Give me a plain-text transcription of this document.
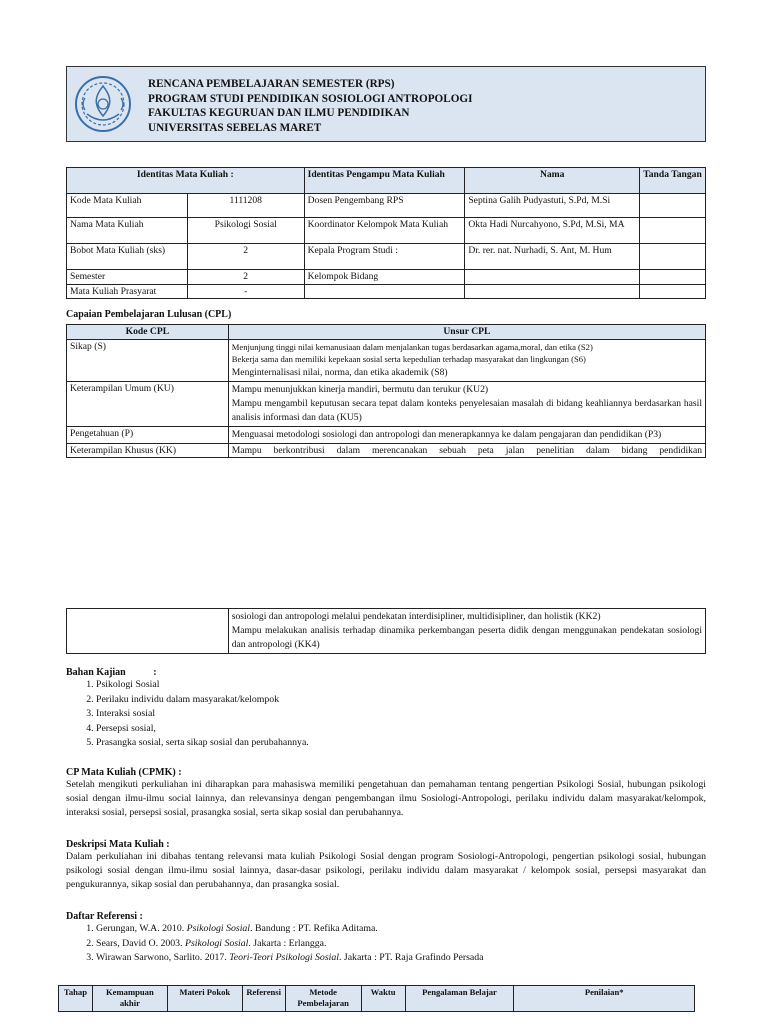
RENCANA PEMBELAJARAN SEMESTER (RPS)
PROGRAM STUDI PENDIDIKAN SOSIOLOGI ANTROPOLOGI
FAKULTAS KEGURUAN DAN ILMU PENDIDIKAN
UNIVERSITAS SEBELAS MARET
Identitas Mata Kuliah :		Identitas Pengampu Mata Kuliah	Nama	Tanda Tangan
Kode Mata Kuliah	1111208	Dosen Pengembang RPS	Septina Galih Pudyastuti, S.Pd, M.Si	
Nama Mata Kuliah	Psikologi Sosial	Koordinator Kelompok Mata Kuliah	Okta Hadi Nurcahyono, S.Pd, M.Si, MA	
Bobot Mata Kuliah (sks)	2	Kepala Program Studi :	Dr. rer. nat. Nurhadi, S. Ant, M. Hum	
Semester	2	Kelompok Bidang		
Mata Kuliah Prasyarat	-			
Capaian Pembelajaran Lulusan (CPL)
Kode CPL	Unsur CPL
Sikap (S)	Menjunjung tinggi nilai kemanusiaan dalam menjalankan tugas berdasarkan agama,moral, dan etika (S2)
Bekerja sama dan memiliki kepekaan sosial serta kepedulian terhadap masyarakat dan lingkungan (S6)
Menginternalisasi nilai, norma, dan etika akademik (S8)

Keterampilan Umum (KU)	Mampu menunjukkan kinerja mandiri, bermutu dan terukur (KU2)
Mampu mengambil keputusan secara tepat dalam konteks penyelesaian masalah di bidang keahliannya berdasarkan hasil analisis informasi dan data (KU5)

Pengetahuan (P)	Menguasai metodologi sosiologi dan antropologi dan menerapkannya ke dalam pengajaran dan pendidikan (P3)
Keterampilan Khusus (KK)	Mampu berkontribusi dalam merencanakan sebuah peta jalan penelitian dalam bidang pendidikan

sosiologi dan antropologi melalui pendekatan interdisipliner, multidisipliner, dan holistik (KK2)
Mampu melakukan analisis terhadap dinamika perkembangan peserta didik dengan menggunakan pendekatan sosiologi dan antropologi (KK4)
Bahan Kajian           :
1. Psikologi Sosial
2. Perilaku individu dalam masyarakat/kelompok
3. Interaksi sosial
4. Persepsi sosial,
5. Prasangka sosial, serta sikap sosial dan perubahannya.
CP Mata Kuliah (CPMK) :
Setelah mengikuti perkuliahan ini diharapkan para mahasiswa memiliki pengetahuan dan pemahaman tentang pengertian Psikologi Sosial, hubungan psikologi sosial dengan ilmu-ilmu social lainnya, dan relevansinya dengan pengembangan ilmu Sosiologi-Antropologi, perilaku individu dalam masyarakat/kelompok, interaksi sosial, persepsi sosial, prasangka sosial, serta sikap sosial dan perubahannya.
Deskripsi Mata Kuliah :
Dalam perkuliahan ini dibahas tentang relevansi mata kuliah Psikologi Sosial dengan program Sosiologi-Antropologi, pengertian psikologi sosial, hubungan psikologi sosial dengan ilmu-ilmu sosial lainnya, dasar-dasar psikologi, perilaku individu dalam masyarakat / kelompok sosial, persepsi masyarakat dan pengukurannya, sikap sosial dan perubahannya, dan prasangka sosial.
Daftar Referensi :
1. Gerungan, W.A. 2010. Psikologi Sosial. Bandung : PT. Refika Aditama.
2. Sears, David O. 2003. Psikologi Sosial. Jakarta : Erlangga.
3. Wirawan Sarwono, Sarlito. 2017. Teori-Teori Psikologi Sosial. Jakarta : PT. Raja Grafindo Persada
Tahap	Kemampuan akhir	Materi Pokok	Referensi	Metode Pembelajaran	Waktu	Pengalaman Belajar	Penilaian*
